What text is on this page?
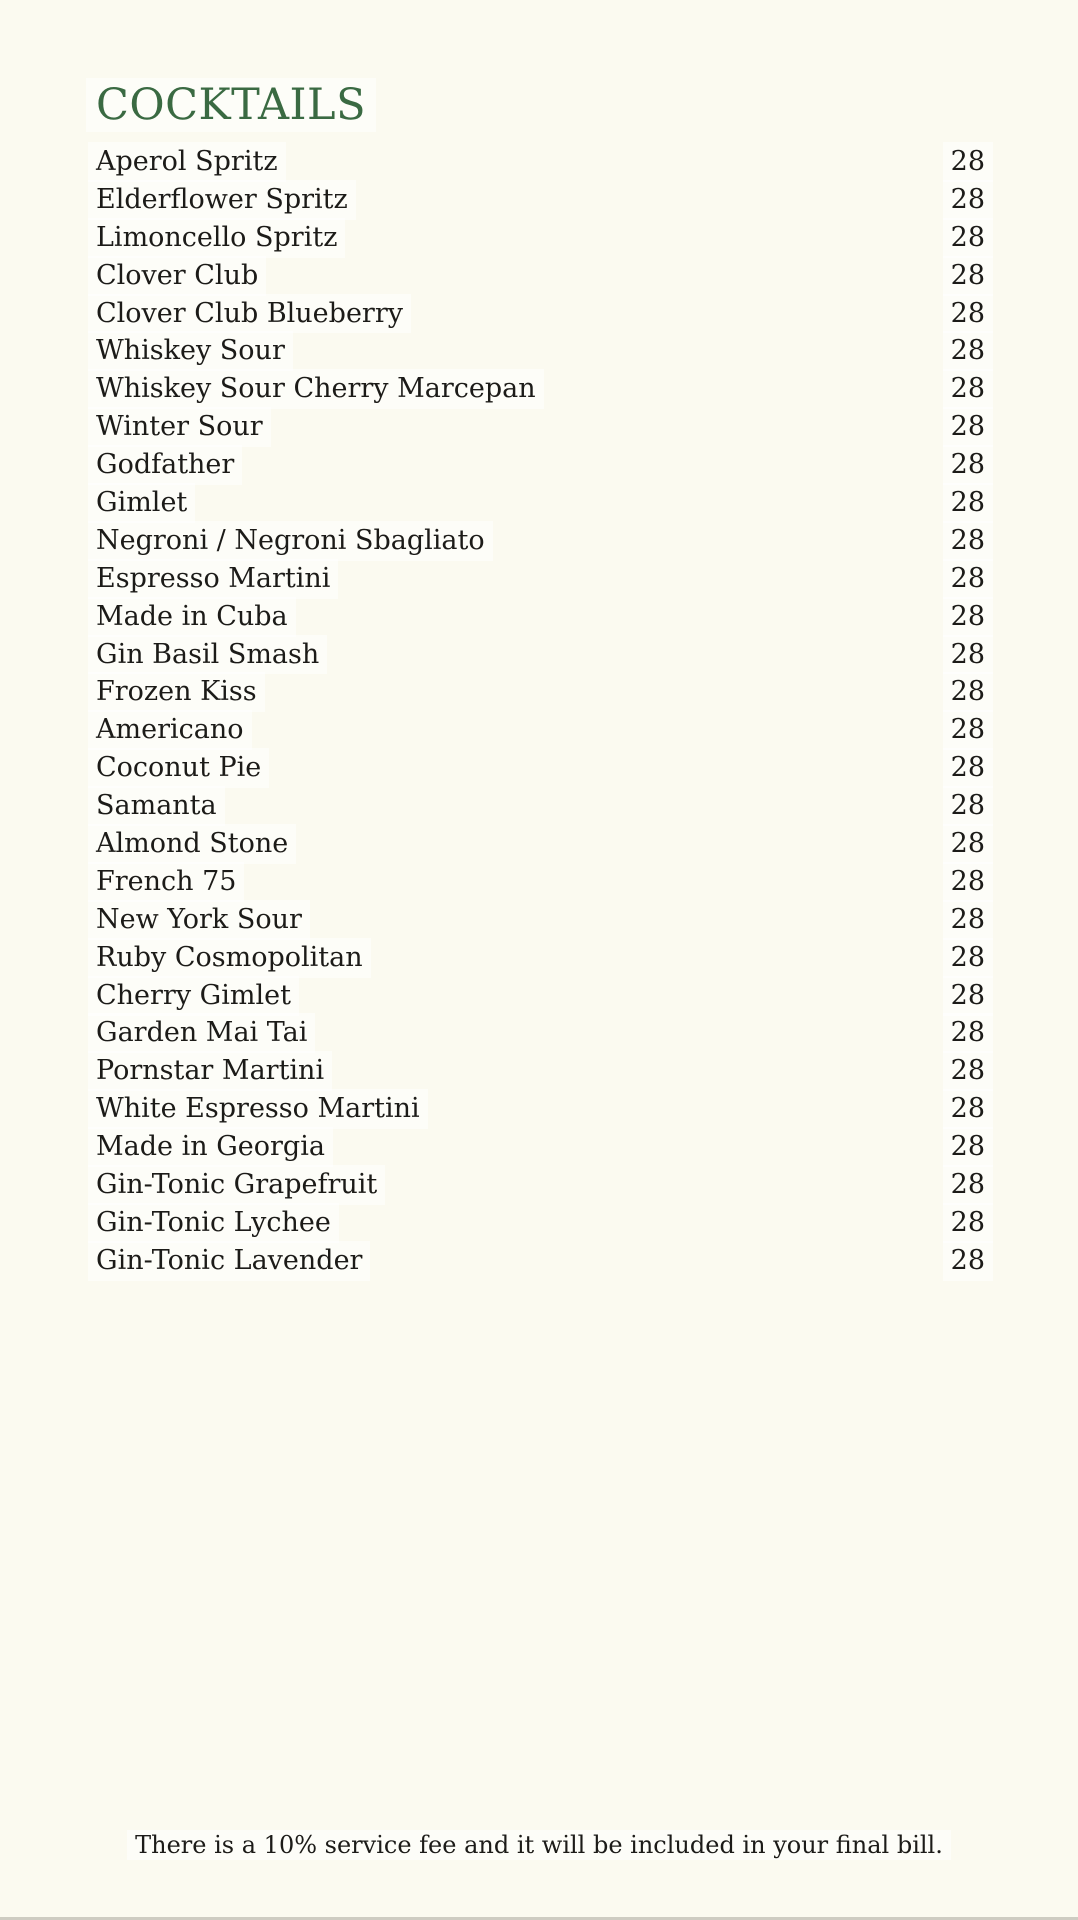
COCKTAILS
Aperol Spritz	28
Elderflower Spritz	28
Limoncello Spritz	28
Clover Club	28
Clover Club Blueberry	28
Whiskey Sour	28
Whiskey Sour Cherry Marcepan	28
Winter Sour	28
Godfather	28
Gimlet	28
Negroni / Negroni Sbagliato	28
Espresso Martini	28
Made in Cuba	28
Gin Basil Smash	28
Frozen Kiss	28
Americano	28
Coconut Pie	28
Samanta	28
Almond Stone	28
French 75	28
New York Sour	28
Ruby Cosmopolitan	28
Cherry Gimlet	28
Garden Mai Tai	28
Pornstar Martini	28
White Espresso Martini	28
Made in Georgia	28
Gin-Tonic Grapefruit	28
Gin-Tonic Lychee	28
Gin-Tonic Lavender	28
There is a 10% service fee and it will be included in your final bill.
